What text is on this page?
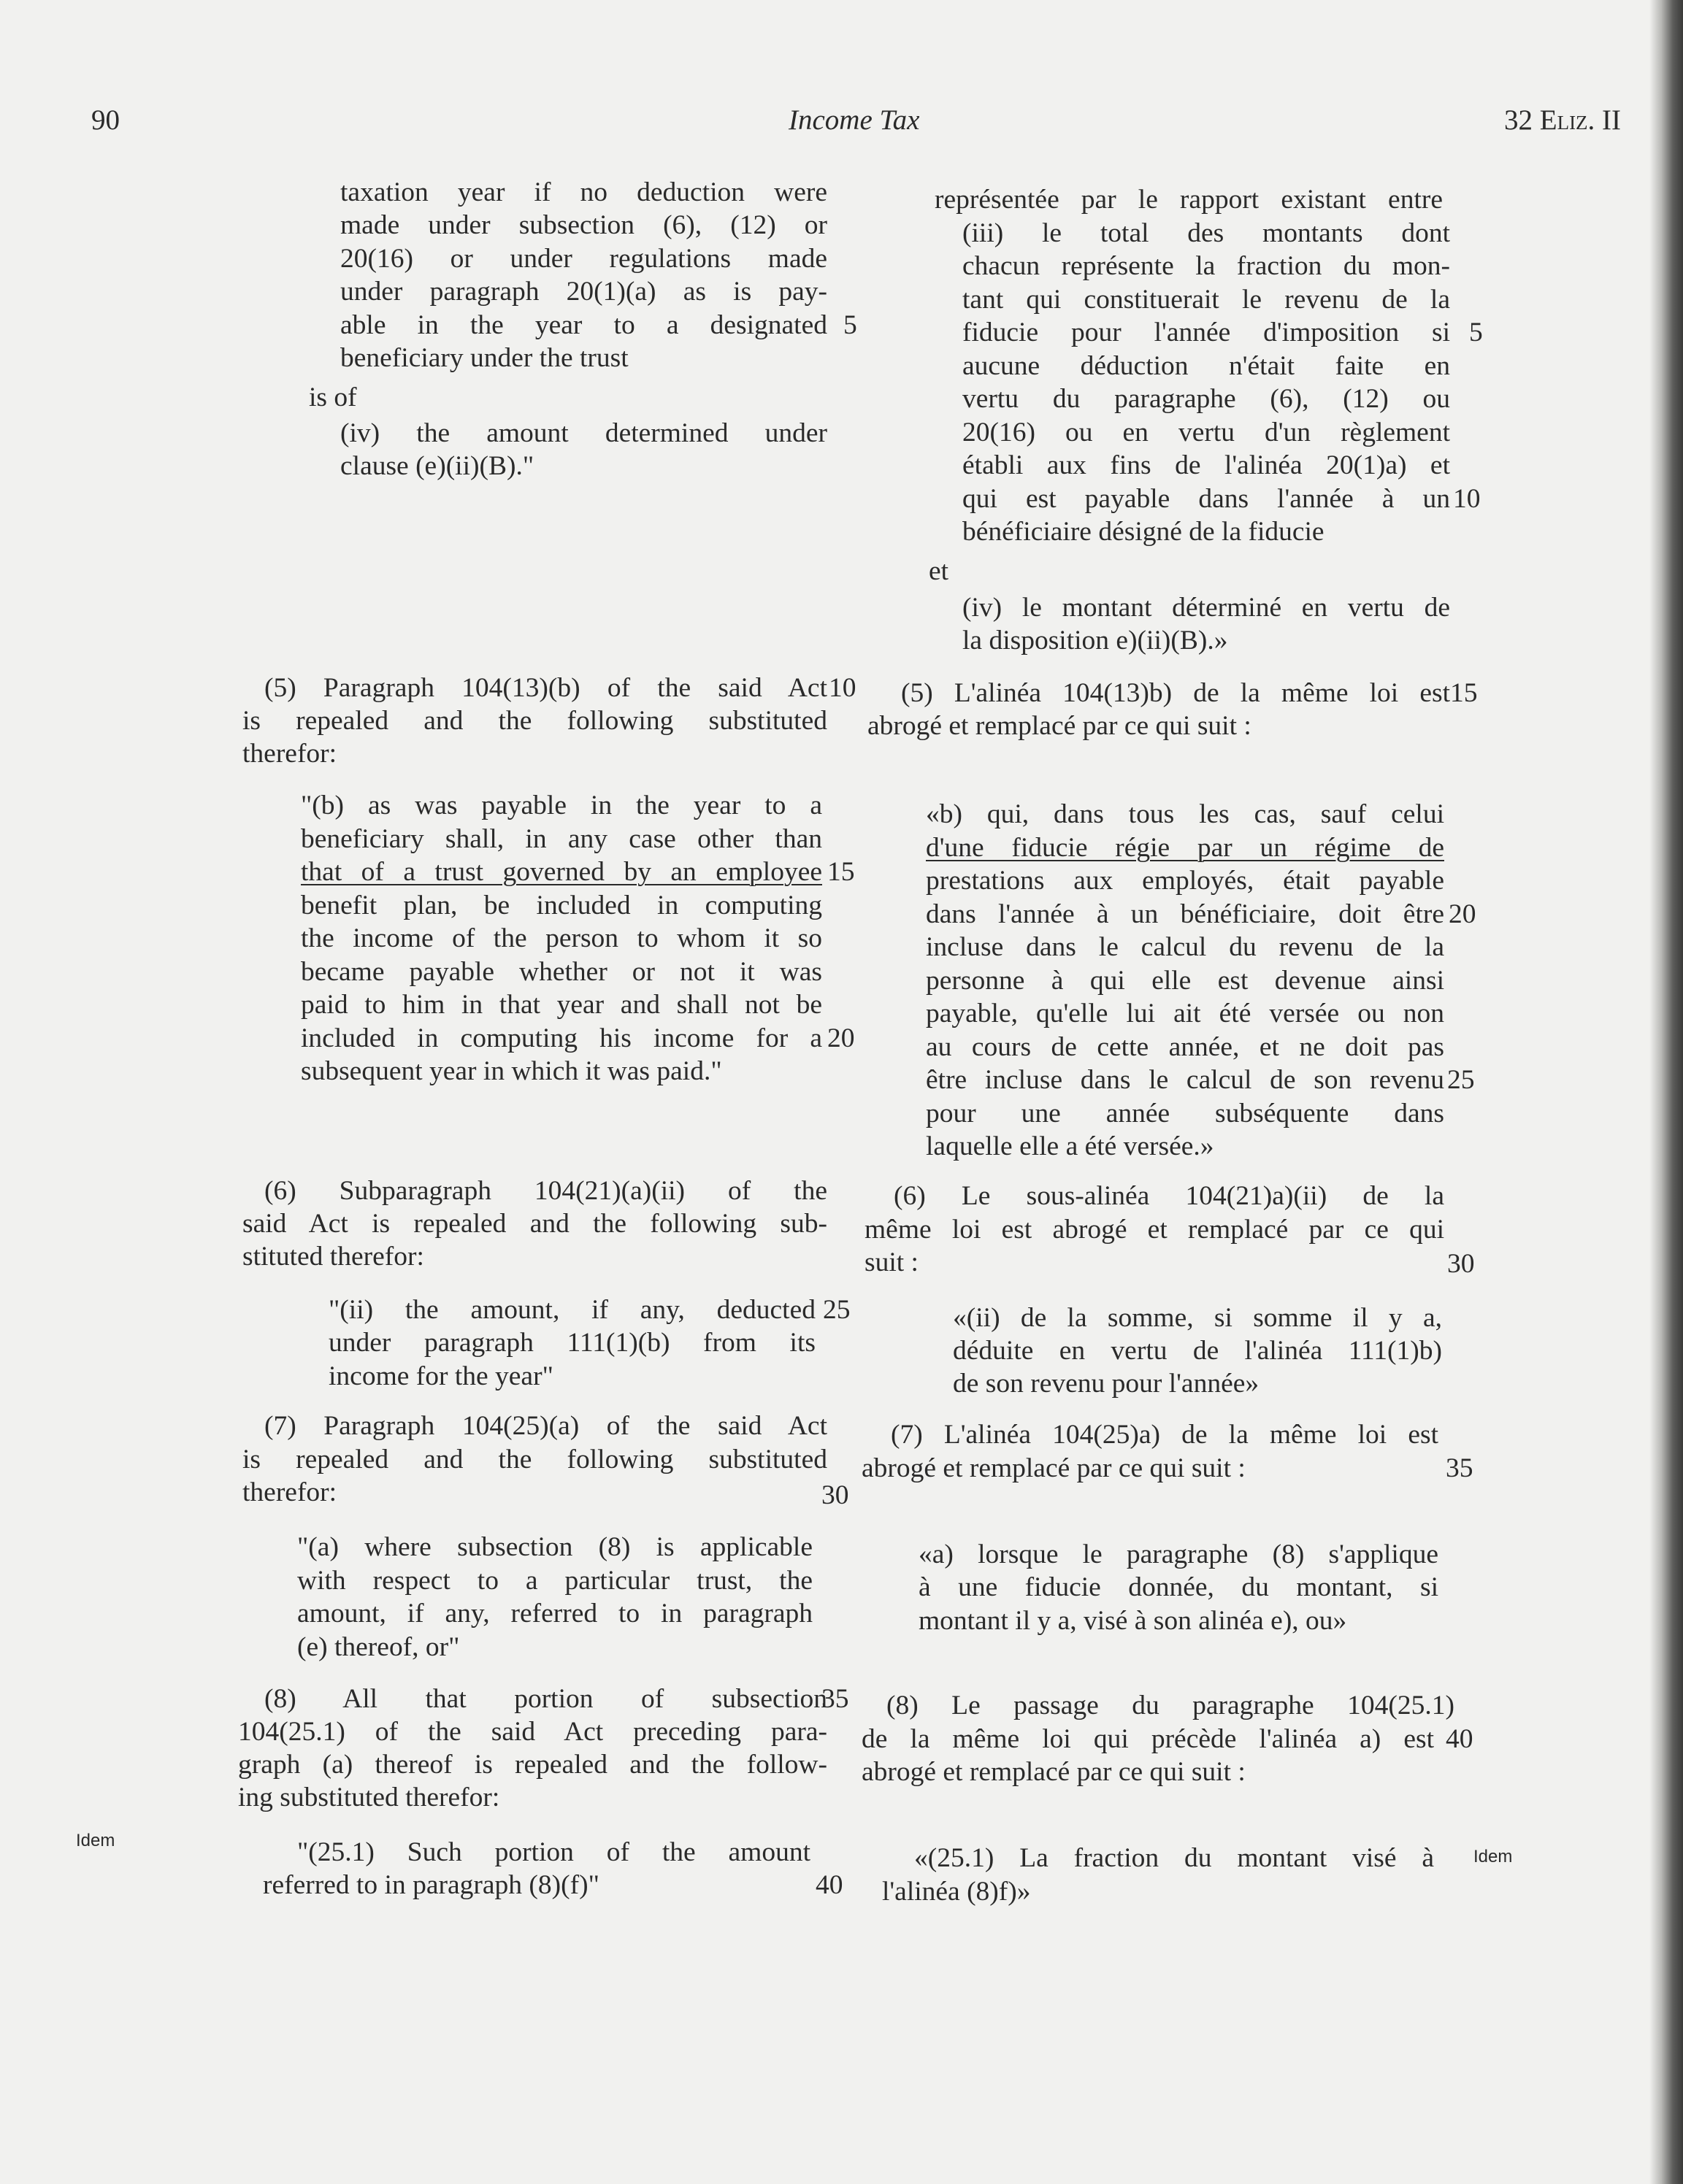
90	Income Tax	32 Eliz. II
taxation year if no deduction were
made under subsection (6), (12) or
20(16) or under regulations made
under paragraph 20(1)(a) as is pay-
able in the year to a designated
beneficiary under the trust
is of
(iv) the amount determined under
clause (e)(ii)(B)."
(5) Paragraph 104(13)(b) of the said Act
is repealed and the following substituted
therefor:
"(b) as was payable in the year to a
beneficiary shall, in any case other than
that of a trust governed by an employee
benefit plan, be included in computing
the income of the person to whom it so
became payable whether or not it was
paid to him in that year and shall not be
included in computing his income for a
subsequent year in which it was paid."
(6) Subparagraph 104(21)(a)(ii) of the
said Act is repealed and the following sub-
stituted therefor:
"(ii) the amount, if any, deducted
under paragraph 111(1)(b) from its
income for the year"
(7) Paragraph 104(25)(a) of the said Act
is repealed and the following substituted
therefor:
"(a) where subsection (8) is applicable
with respect to a particular trust, the
amount, if any, referred to in paragraph
(e) thereof, or"
(8) All that portion of subsection
104(25.1) of the said Act preceding para-
graph (a) thereof is repealed and the follow-
ing substituted therefor:
"(25.1) Such portion of the amount
referred to in paragraph (8)(f)"
5
10
15
20
25
30
35
40
représentée par le rapport existant entre
(iii) le total des montants dont
chacun représente la fraction du mon-
tant qui constituerait le revenu de la
fiducie pour l'année d'imposition si
aucune déduction n'était faite en
vertu du paragraphe (6), (12) ou
20(16) ou en vertu d'un règlement
établi aux fins de l'alinéa 20(1)a) et
qui est payable dans l'année à un
bénéficiaire désigné de la fiducie
et
(iv) le montant déterminé en vertu de
la disposition e)(ii)(B).»
(5) L'alinéa 104(13)b) de la même loi est
abrogé et remplacé par ce qui suit :
«b) qui, dans tous les cas, sauf celui
d'une fiducie régie par un régime de
prestations aux employés, était payable
dans l'année à un bénéficiaire, doit être
incluse dans le calcul du revenu de la
personne à qui elle est devenue ainsi
payable, qu'elle lui ait été versée ou non
au cours de cette année, et ne doit pas
être incluse dans le calcul de son revenu
pour une année subséquente dans
laquelle elle a été versée.»
(6) Le sous-alinéa 104(21)a)(ii) de la
même loi est abrogé et remplacé par ce qui
suit :
«(ii) de la somme, si somme il y a,
déduite en vertu de l'alinéa 111(1)b)
de son revenu pour l'année»
(7) L'alinéa 104(25)a) de la même loi est
abrogé et remplacé par ce qui suit :
«a) lorsque le paragraphe (8) s'applique
à une fiducie donnée, du montant, si
montant il y a, visé à son alinéa e), ou»
(8) Le passage du paragraphe 104(25.1)
de la même loi qui précède l'alinéa a) est
abrogé et remplacé par ce qui suit :
«(25.1) La fraction du montant visé à
l'alinéa (8)f)»
5
10
15
20
25
30
35
40
Idem
Idem
